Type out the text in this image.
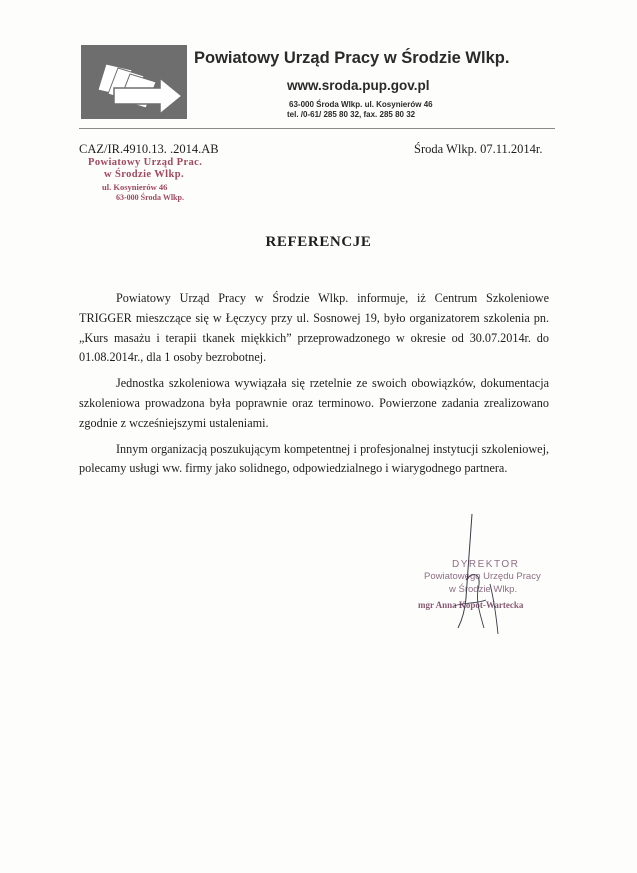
Powiatowy Urząd Pracy w Środzie Wlkp.
www.sroda.pup.gov.pl
63-000 Środa Wlkp. ul. Kosynierów 46
tel. /0-61/ 285 80 32, fax. 285 80 32
CAZ/IR.4910.13. .2014.AB	Środa Wlkp. 07.11.2014r.
Powiatowy Urząd Prac.
w Środzie Wlkp.
ul. Kosynierów 46
63-000 Środa Wlkp.
REFERENCJE

Powiatowy Urząd Pracy w Środzie Wlkp. informuje, iż Centrum Szkoleniowe TRIGGER mieszczące się w Łęczycy przy ul. Sosnowej 19, było organizatorem szkolenia pn. „Kurs masażu i terapii tkanek miękkich” przeprowadzonego w okresie od 30.07.2014r. do 01.08.2014r., dla 1 osoby bezrobotnej.

Jednostka szkoleniowa wywiązała się rzetelnie ze swoich obowiązków, dokumentacja szkoleniowa prowadzona była poprawnie oraz terminowo. Powierzone zadania zrealizowano zgodnie z wcześniejszymi ustaleniami.

Innym organizacją poszukującym kompetentnej i profesjonalnej instytucji szkoleniowej, polecamy usługi ww. firmy jako solidnego, odpowiedzialnego i wiarygodnego partnera.

DYREKTOR
Powiatowego Urzędu Pracy
w Środzie Wlkp.
mgr Anna Kopot-Wartecka
